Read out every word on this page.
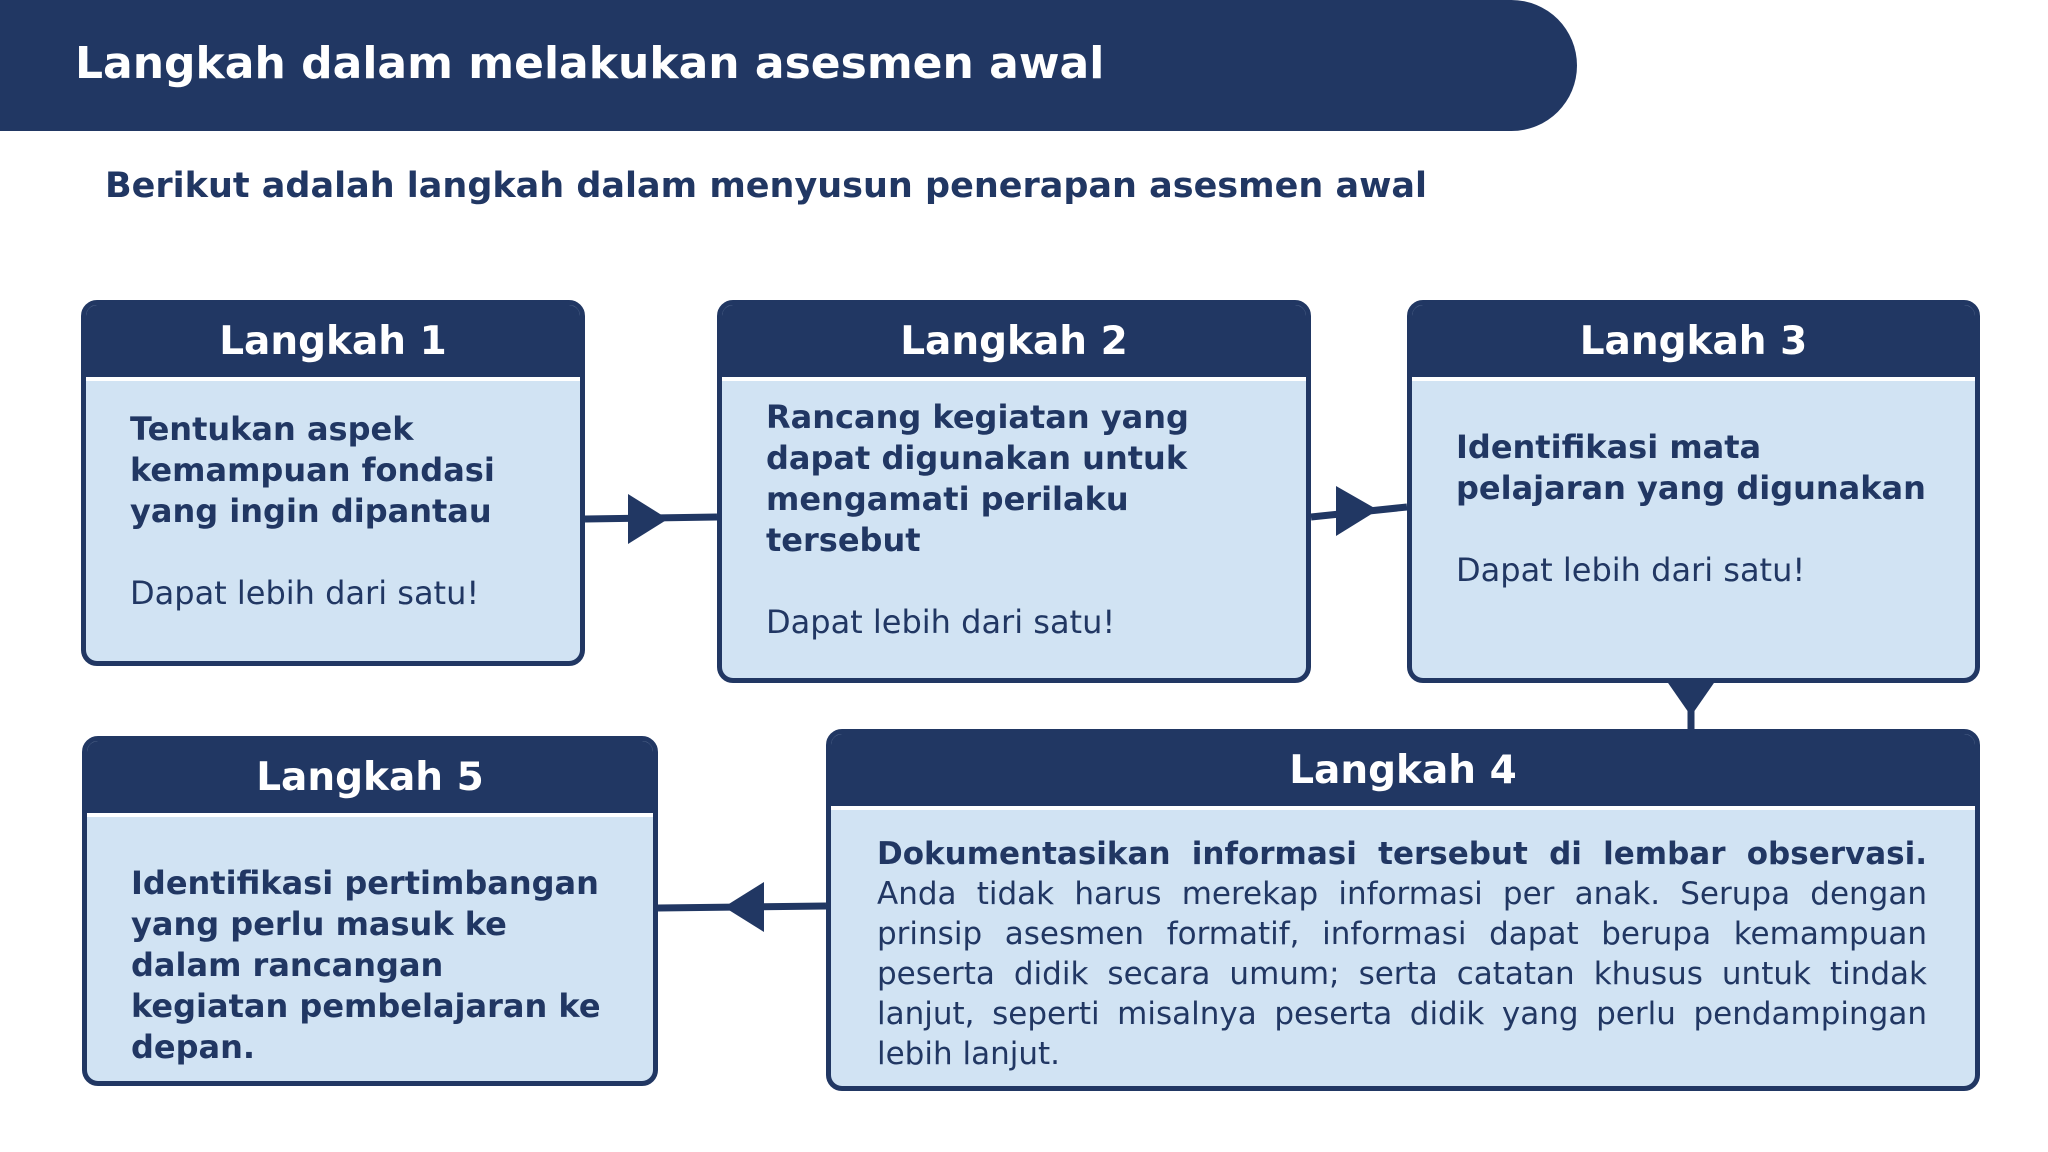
Langkah dalam melakukan asesmen awal
Berikut adalah langkah dalam menyusun penerapan asesmen awal
Langkah 1

Tentukan aspek kemampuan fondasi yang ingin dipantau

Dapat lebih dari satu!

Langkah 2

Rancang kegiatan yang dapat digunakan untuk mengamati perilaku tersebut

Dapat lebih dari satu!

Langkah 3

Identifikasi mata pelajaran yang digunakan

Dapat lebih dari satu!

Langkah 4

Dokumentasikan informasi tersebut di lembar observasi. Anda tidak harus merekap informasi per anak. Serupa dengan prinsip asesmen formatif, informasi dapat berupa kemampuan peserta didik secara umum; serta catatan khusus untuk tindak lanjut, seperti misalnya peserta didik yang perlu pendampingan lebih lanjut.

Langkah 5

Identifikasi pertimbangan yang perlu masuk ke dalam rancangan kegiatan pembelajaran ke depan.
